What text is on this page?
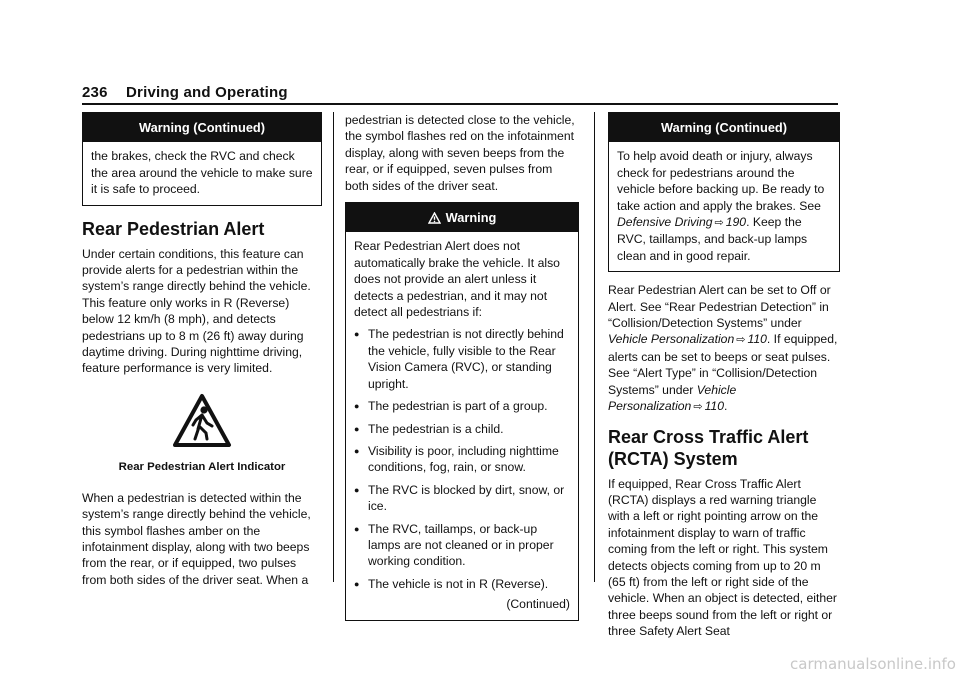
236 Driving and Operating
Warning (Continued)

the brakes, check the RVC and check the area around the vehicle to make sure it is safe to proceed.

Rear Pedestrian Alert

Under certain conditions, this feature can provide alerts for a pedestrian within the system’s range directly behind the vehicle. This feature only works in R (Reverse) below 12 km/h (8 mph), and detects pedestrians up to 8 m (26 ft) away during daytime driving. During nighttime driving, feature performance is very limited.

Rear Pedestrian Alert Indicator

When a pedestrian is detected within the system’s range directly behind the vehicle, this symbol flashes amber on the infotainment display, along with two beeps from the rear, or if equipped, two pulses from both sides of the driver seat. When a

pedestrian is detected close to the vehicle, the symbol flashes red on the infotainment display, along with seven beeps from the rear, or if equipped, seven pulses from both sides of the driver seat.

Warning

Rear Pedestrian Alert does not automatically brake the vehicle. It also does not provide an alert unless it detects a pedestrian, and it may not detect all pedestrians if:

● The pedestrian is not directly behind the vehicle, fully visible to the Rear Vision Camera (RVC), or standing upright.
● The pedestrian is part of a group.
● The pedestrian is a child.
● Visibility is poor, including nighttime conditions, fog, rain, or snow.
● The RVC is blocked by dirt, snow, or ice.
● The RVC, taillamps, or back-up lamps are not cleaned or in proper working condition.
● The vehicle is not in R (Reverse).
(Continued)
Warning (Continued)

To help avoid death or injury, always check for pedestrians around the vehicle before backing up. Be ready to take action and apply the brakes. See Defensive Driving ⇨ 190. Keep the RVC, taillamps, and back-up lamps clean and in good repair.

Rear Pedestrian Alert can be set to Off or Alert. See “Rear Pedestrian Detection” in “Collision/Detection Systems” under Vehicle Personalization ⇨ 110. If equipped, alerts can be set to beeps or seat pulses. See “Alert Type” in “Collision/Detection Systems” under Vehicle Personalization ⇨ 110.

Rear Cross Traffic Alert (RCTA) System

If equipped, Rear Cross Traffic Alert (RCTA) displays a red warning triangle with a left or right pointing arrow on the infotainment display to warn of traffic coming from the left or right. This system detects objects coming from up to 20 m (65 ft) from the left or right side of the vehicle. When an object is detected, either three beeps sound from the left or right or three Safety Alert Seat

carmanualsonline.info
